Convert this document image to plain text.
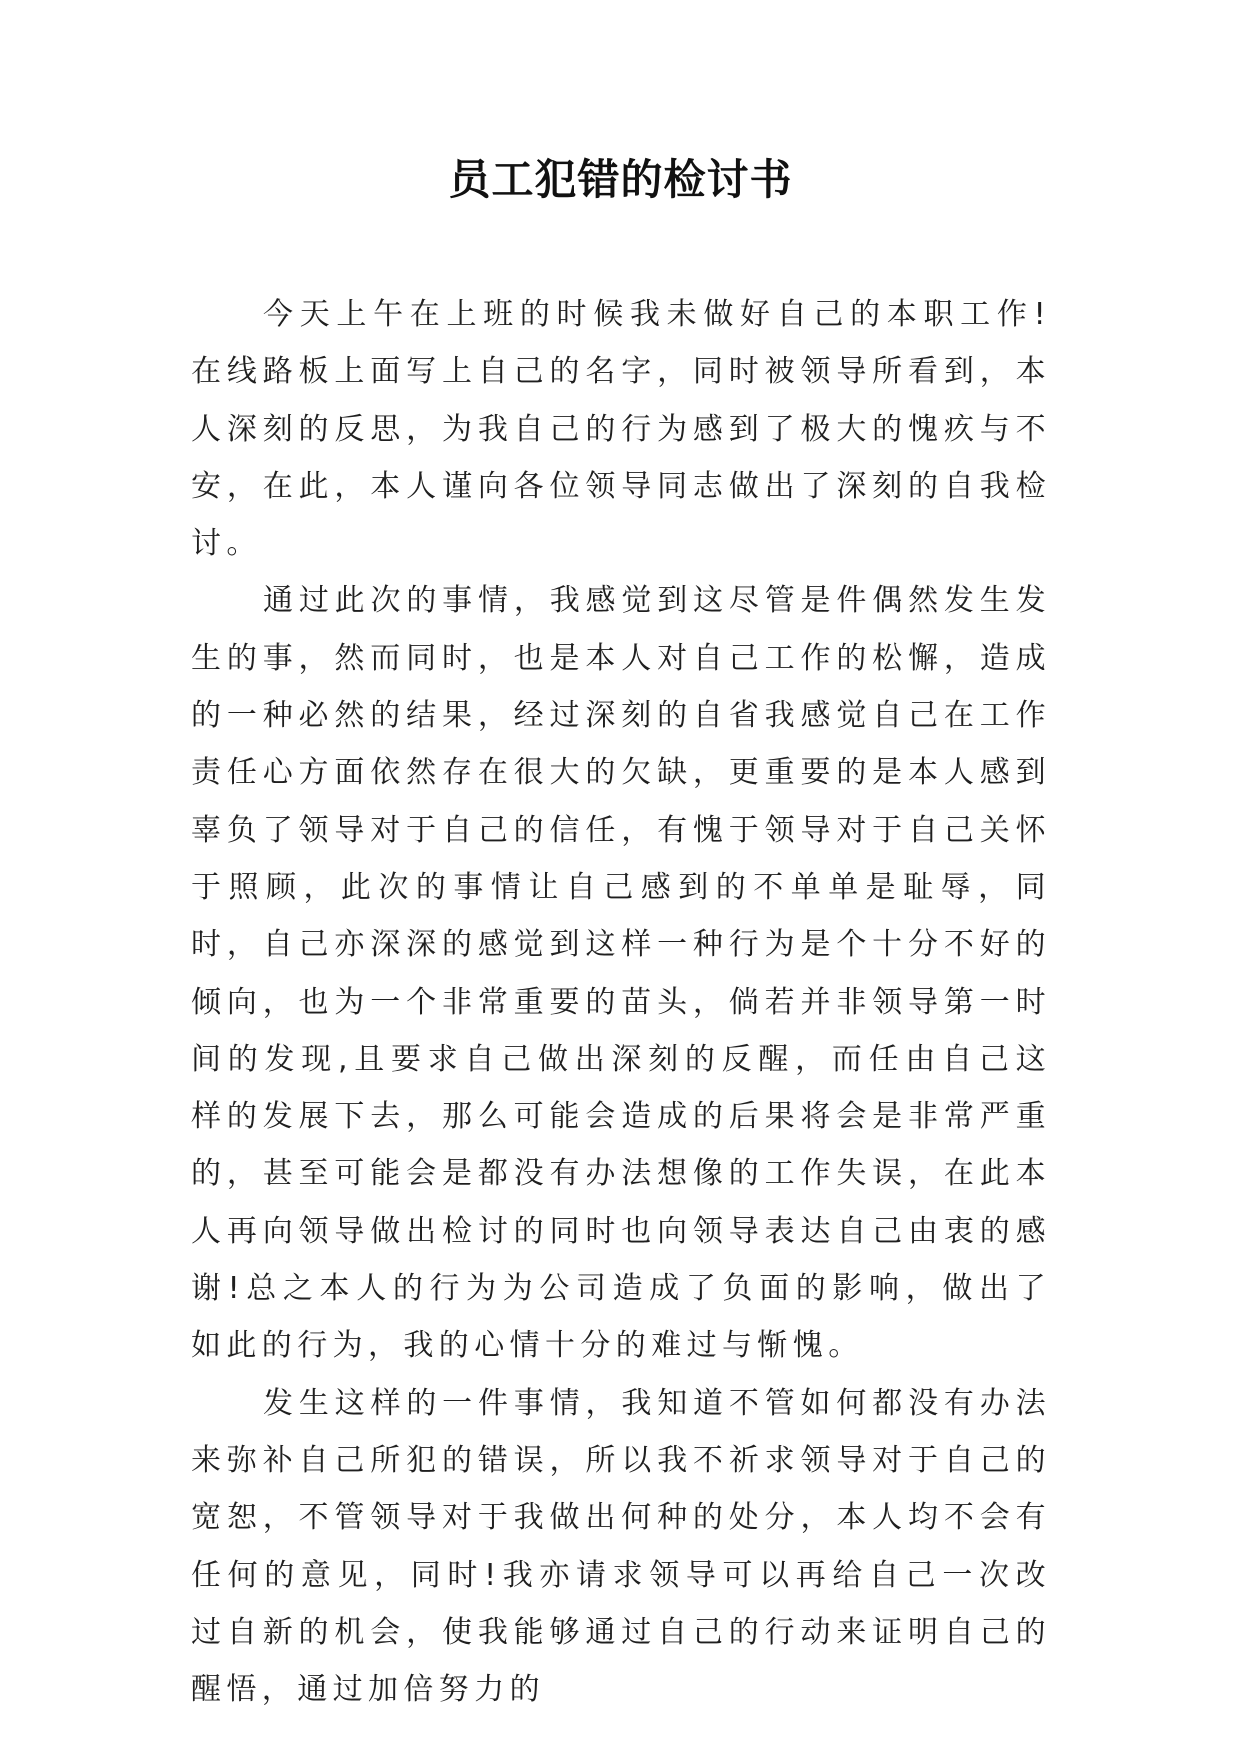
员工犯错的检讨书

今天上午在上班的时候我未做好自己的本职工作!在线路板上面写上自己的名字，同时被领导所看到，本人深刻的反思，为我自己的行为感到了极大的愧疚与不安，在此，本人谨向各位领导同志做出了深刻的自我检讨。

通过此次的事情，我感觉到这尽管是件偶然发生发生的事，然而同时，也是本人对自己工作的松懈，造成的一种必然的结果，经过深刻的自省我感觉自己在工作责任心方面依然存在很大的欠缺，更重要的是本人感到辜负了领导对于自己的信任，有愧于领导对于自己关怀于照顾，此次的事情让自己感到的不单单是耻辱，同时，自己亦深深的感觉到这样一种行为是个十分不好的倾向，也为一个非常重要的苗头，倘若并非领导第一时间的发现,且要求自己做出深刻的反醒，而任由自己这样的发展下去，那么可能会造成的后果将会是非常严重的，甚至可能会是都没有办法想像的工作失误，在此本人再向领导做出检讨的同时也向领导表达自己由衷的感谢!总之本人的行为为公司造成了负面的影响，做出了如此的行为，我的心情十分的难过与惭愧。

发生这样的一件事情，我知道不管如何都没有办法来弥补自己所犯的错误，所以我不祈求领导对于自己的宽恕，不管领导对于我做出何种的处分，本人均不会有任何的意见，同时!我亦请求领导可以再给自己一次改过自新的机会，使我能够通过自己的行动来证明自己的醒悟，通过加倍努力的
